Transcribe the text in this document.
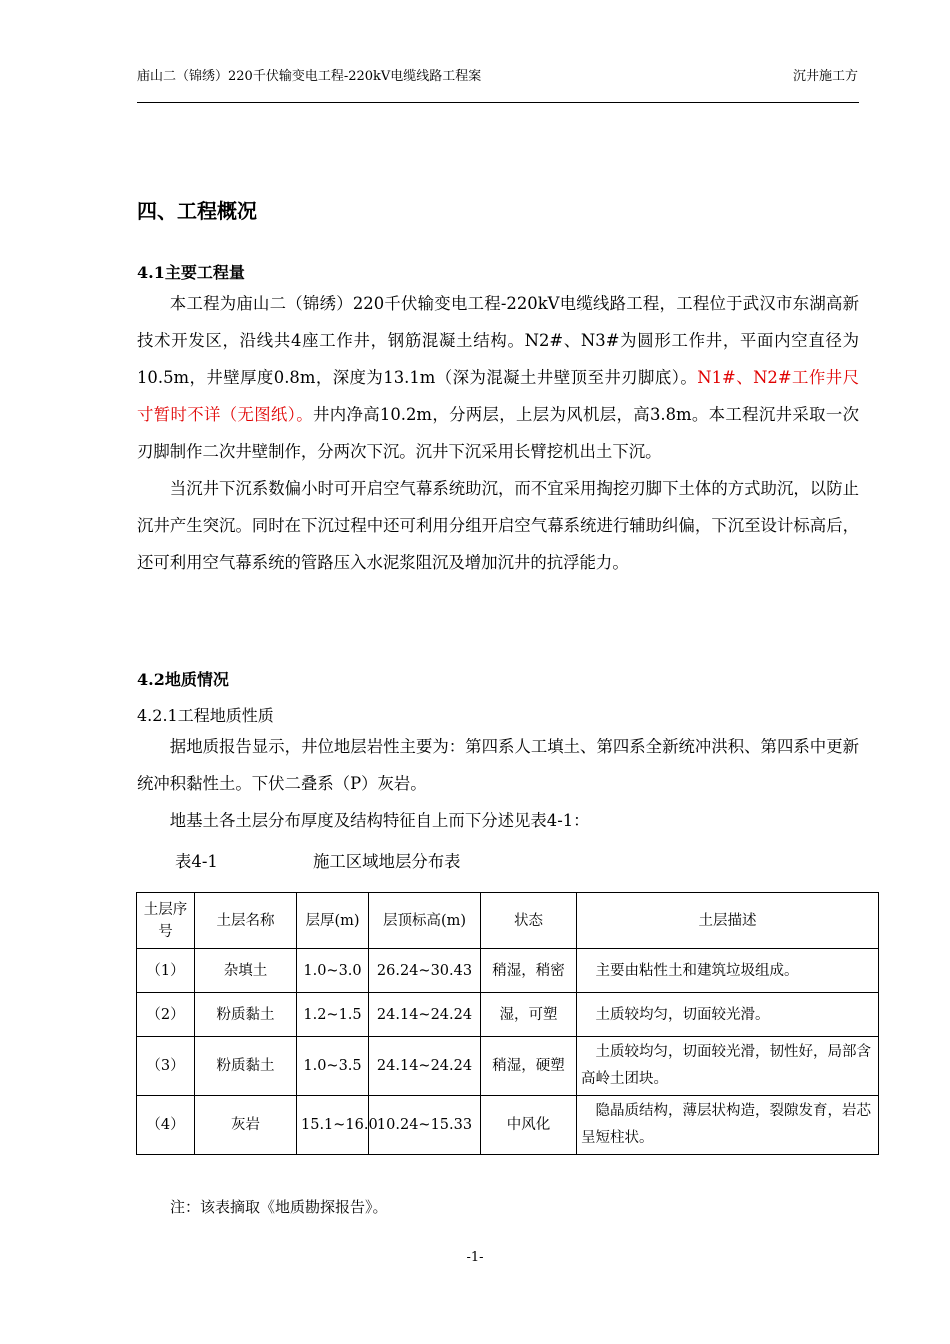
庙山二（锦绣）220千伏输变电工程-220kV电缆线路工程案	沉井施工方
四、工程概况
4.1主要工程量

本工程为庙山二（锦绣）220千伏输变电工程-220kV电缆线路工程，工程位于武汉市东湖高新技术开发区，沿线共4座工作井，钢筋混凝土结构。N2#、N3#为圆形工作井，平面内空直径为10.5m，井壁厚度0.8m，深度为13.1m（深为混凝土井壁顶至井刃脚底）。N1#、N2#工作井尺寸暂时不详（无图纸）。井内净高10.2m，分两层，上层为风机层，高3.8m。本工程沉井采取一次刃脚制作二次井壁制作，分两次下沉。沉井下沉采用长臂挖机出土下沉。

当沉井下沉系数偏小时可开启空气幕系统助沉，而不宜采用掏挖刃脚下土体的方式助沉，以防止沉井产生突沉。同时在下沉过程中还可利用分组开启空气幕系统进行辅助纠偏，下沉至设计标高后，还可利用空气幕系统的管路压入水泥浆阻沉及增加沉井的抗浮能力。

4.2地质情况
4.2.1工程地质性质

据地质报告显示，井位地层岩性主要为：第四系人工填土、第四系全新统冲洪积、第四系中更新统冲积黏性土。下伏二叠系（P）灰岩。

地基土各土层分布厚度及结构特征自上而下分述见表4-1：

表4-1	施工区域地层分布表
土层序号	土层名称	层厚(m)	层顶标高(m)	状态	土层描述
（1）	杂填土	1.0~3.0	26.24~30.43	稍湿，稍密	主要由粘性土和建筑垃圾组成。
（2）	粉质黏土	1.2~1.5	24.14~24.24	湿，可塑	土质较均匀，切面较光滑。
（3）	粉质黏土	1.0~3.5	24.14~24.24	稍湿，硬塑	土质较均匀，切面较光滑，韧性好，局部含高岭土团块。
（4）	灰岩	15.1~16.0	10.24~15.33	中风化	隐晶质结构，薄层状构造，裂隙发育，岩芯呈短柱状。
注：该表摘取《地质勘探报告》。
-1-
